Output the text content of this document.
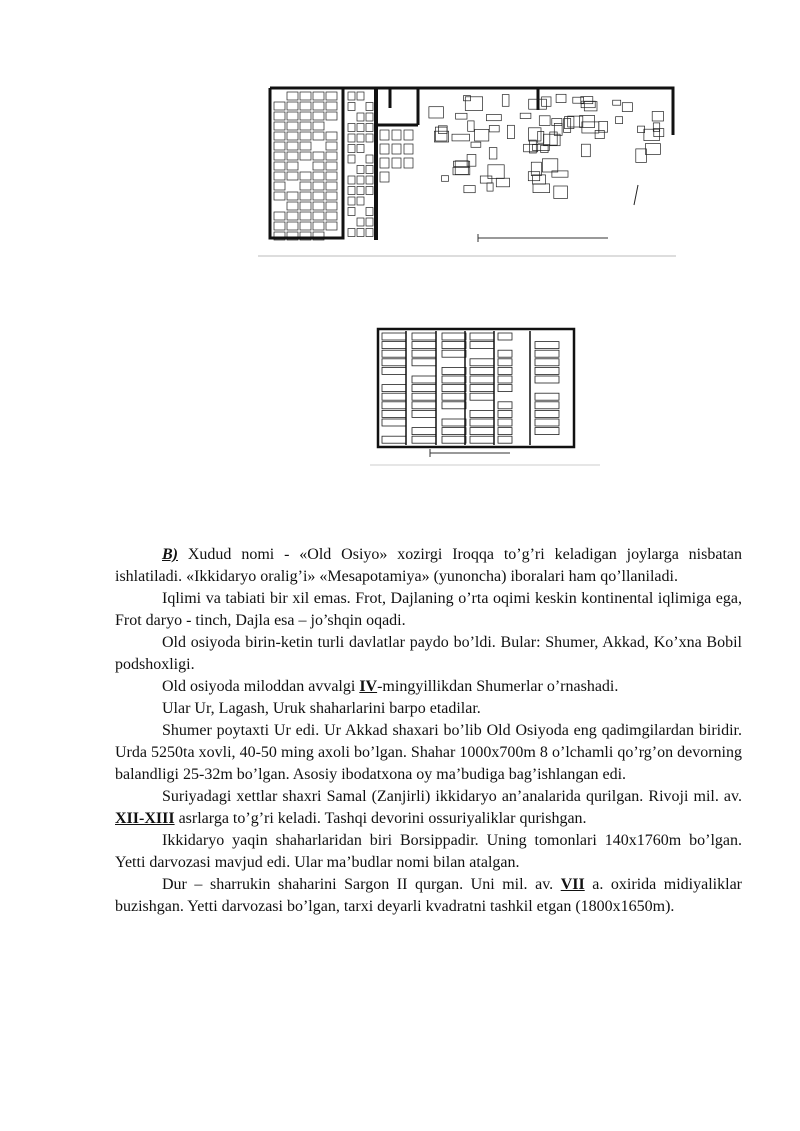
B) Xudud nomi - «Old Osiyo» xozirgi Iroqqa to’g’ri keladigan joylarga nisbatan ishlatiladi. «Ikkidaryo oralig’i» «Mesapotamiya» (yunoncha) iboralari ham qo’llaniladi.

Iqlimi va tabiati bir xil emas. Frot, Dajlaning o’rta oqimi keskin kontinental iqlimiga ega, Frot daryo - tinch, Dajla esa – jo’shqin oqadi.

Old osiyoda birin-ketin turli davlatlar paydo bo’ldi. Bular: Shumer, Akkad, Ko’xna Bobil podshoxligi.

Old osiyoda miloddan avvalgi IV-mingyillikdan Shumerlar o’rnashadi.

Ular Ur, Lagash, Uruk shaharlarini barpo etadilar.

Shumer poytaxti Ur edi. Ur Akkad shaxari bo’lib Old Osiyoda eng qadimgilardan biridir. Urda 5250ta xovli, 40-50 ming axoli bo’lgan. Shahar 1000x700m 8 o’lchamli qo’rg’on devorning balandligi 25-32m bo’lgan. Asosiy ibodatxona oy ma’budiga bag’ishlangan edi.

Suriyadagi xettlar shaxri Samal (Zanjirli) ikkidaryo an’analarida qurilgan. Rivoji mil. av. XII-XIII asrlarga to’g’ri keladi. Tashqi devorini ossuriyaliklar qurishgan.

Ikkidaryo yaqin shaharlaridan biri Borsippadir. Uning tomonlari 140x1760m bo’lgan. Yetti darvozasi mavjud edi. Ular ma’budlar nomi bilan atalgan.

Dur – sharrukin shaharini Sargon II qurgan. Uni mil. av. VII a. oxirida midiyaliklar buzishgan. Yetti darvozasi bo’lgan, tarxi deyarli kvadratni tashkil etgan (1800x1650m).
